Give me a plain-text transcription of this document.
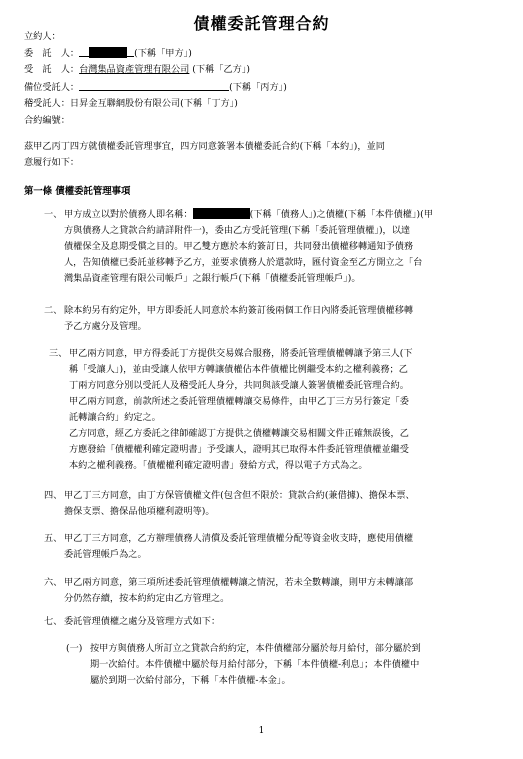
債權委託管理合約
立約人：
委　託　人：	(下稱「甲方」)
受　託　人：台灣集品資產管理有限公司 (下稱「乙方」)
備位受託人：	(下稱「丙方」)
稽受託人：日昇金互聯網股份有限公司(下稱「丁方」)
合約編號：
茲甲乙丙丁四方就債權委託管理事宜，四方同意簽署本債權委託合約(下稱「本約」)，並同
意履行如下：
第一條 債權委託管理事項
一、 甲方成立以對於債務人即名稱：	(下稱「債務人」)之債權(下稱「本件債權」)(甲
方與債務人之貸款合約請詳附件一)，委由乙方受託管理(下稱「委託管理債權」)，以達
債權保全及息期受償之目的。甲乙雙方應於本約簽訂日，共同發出債權移轉通知予債務
人，告知債權已委託並移轉予乙方，並要求債務人於還款時，匯付資金至乙方開立之「台
灣集品資產管理有限公司帳戶」之銀行帳戶(下稱「債權委託管理帳戶」)。
二、 除本約另有約定外，甲方即委託人同意於本約簽訂後兩個工作日內將委託管理債權移轉
予乙方處分及管理。
三、 甲乙兩方同意，甲方得委託丁方提供交易媒合服務，將委託管理債權轉讓予第三人(下
稱「受讓人」)，並由受讓人依甲方轉讓債權佔本件債權比例繼受本約之權利義務；乙
丁兩方同意分別以受託人及稽受託人身分，共同與該受讓人簽署債權委託管理合約。
甲乙兩方同意，前款所述之委託管理債權轉讓交易條件，由甲乙丁三方另行簽定「委
託轉讓合約」約定之。
乙方同意，經乙方委託之律師確認丁方提供之債權轉讓交易相關文件正確無誤後，乙
方應發給「債權權利確定證明書」予受讓人，證明其已取得本件委託管理債權並繼受
本約之權利義務。「債權權利確定證明書」發給方式，得以電子方式為之。
四、 甲乙丁三方同意，由丁方保管債權文件(包含但不限於：貸款合約(兼借據)、擔保本票、
擔保支票、擔保品他項權利證明等)。
五、 甲乙丁三方同意，乙方辦理債務人清償及委託管理債權分配等資金收支時，應使用債權
委託管理帳戶為之。
六、 甲乙兩方同意，第三項所述委託管理債權轉讓之情況，若未全數轉讓，則甲方未轉讓部
分仍然存續，按本約約定由乙方管理之。
七、 委託管理債權之處分及管理方式如下：
(一) 按甲方與債務人所訂立之貸款合約約定，本件債權部分屬於每月給付，部分屬於到
期一次給付。本件債權中屬於每月給付部分，下稱「本件債權-利息」；本件債權中
屬於到期一次給付部分，下稱「本件債權-本金」。
1
